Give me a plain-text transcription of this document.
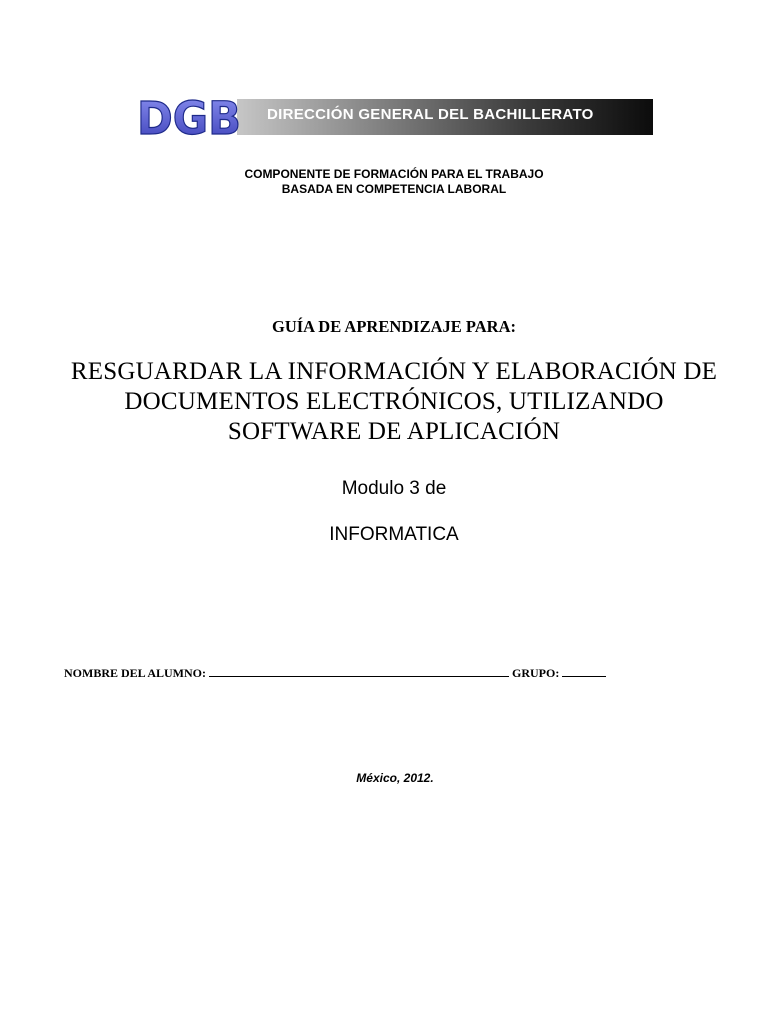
DIRECCIÓN GENERAL DEL BACHILLERATO
DGB
COMPONENTE DE FORMACIÓN PARA EL TRABAJO
BASADA EN COMPETENCIA LABORAL
GUÍA DE APRENDIZAJE PARA:
RESGUARDAR LA INFORMACIÓN Y ELABORACIÓN DE
DOCUMENTOS ELECTRÓNICOS, UTILIZANDO
SOFTWARE DE APLICACIÓN
Modulo 3 de
INFORMATICA
NOMBRE DEL ALUMNO:	GRUPO:
México, 2012.
